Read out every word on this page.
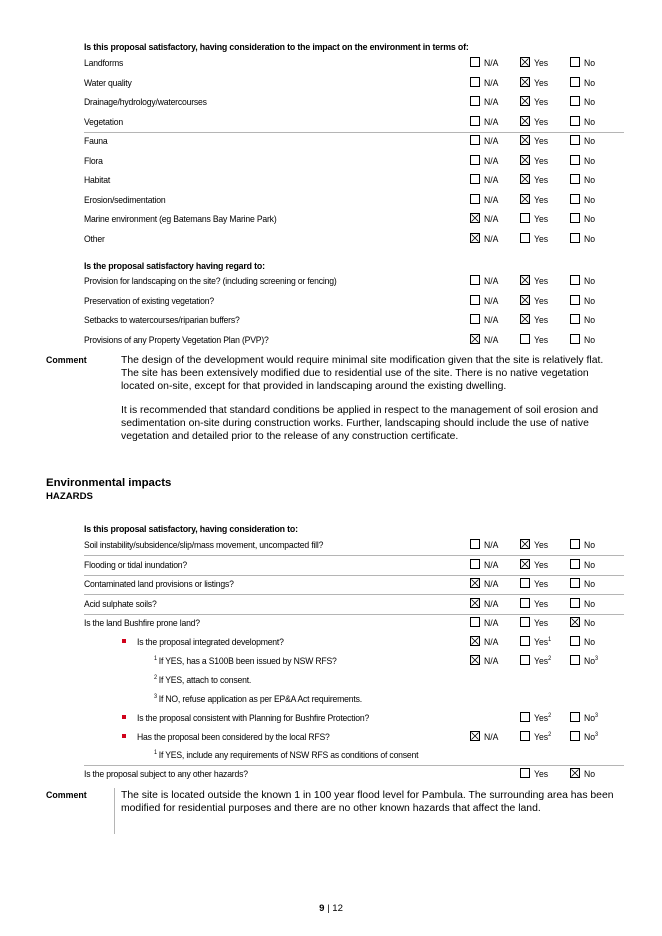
Is this proposal satisfactory, having consideration to the impact on the environment in terms of:
Landforms	N/A	Yes	No
Water quality	N/A	Yes	No
Drainage/hydrology/watercourses	N/A	Yes	No
Vegetation	N/A	Yes	No
Fauna	N/A	Yes	No
Flora	N/A	Yes	No
Habitat	N/A	Yes	No
Erosion/sedimentation	N/A	Yes	No
Marine environment (eg Batemans Bay Marine Park)	N/A	Yes	No
Other	N/A	Yes	No
Is the proposal satisfactory having regard to:
Provision for landscaping on the site? (including screening or fencing)	N/A	Yes	No
Preservation of existing vegetation?	N/A	Yes	No
Setbacks to watercourses/riparian buffers?	N/A	Yes	No
Provisions of any Property Vegetation Plan (PVP)?	N/A	Yes	No
Comment	The design of the development would require minimal site modification given that the site is relatively flat. The site has been extensively modified due to residential use of the site. There is no native vegetation located on-site, except for that provided in landscaping around the existing dwelling.

It is recommended that standard conditions be applied in respect to the management of soil erosion and sedimentation on-site during construction works. Further, landscaping should include the use of native vegetation and detailed prior to the release of any construction certificate.

Environmental impacts
HAZARDS
Is this proposal satisfactory, having consideration to:
Soil instability/subsidence/slip/mass movement, uncompacted fill?	N/A	Yes	No
Flooding or tidal inundation?	N/A	Yes	No
Contaminated land provisions or listings?	N/A	Yes	No
Acid sulphate soils?	N/A	Yes	No
Is the land Bushfire prone land?	N/A	Yes	No
Is the proposal integrated development?	N/A	Yes$^1$	No
$^1$ If YES, has a S100B been issued by NSW RFS?	N/A	Yes$^2$	No$^3$
$^2$ If YES, attach to consent.
$^3$ If NO, refuse application as per EP&A Act requirements.
Is the proposal consistent with Planning for Bushfire Protection?	Yes$^2$	No$^3$
Has the proposal been considered by the local RFS?	N/A	Yes$^2$	No$^3$
$^1$ If YES, include any requirements of NSW RFS as conditions of consent
Is the proposal subject to any other hazards?	Yes	No
Comment	The site is located outside the known 1 in 100 year flood level for Pambula. The surrounding area has been modified for residential purposes and there are no other known hazards that affect the land.

9 | 12
